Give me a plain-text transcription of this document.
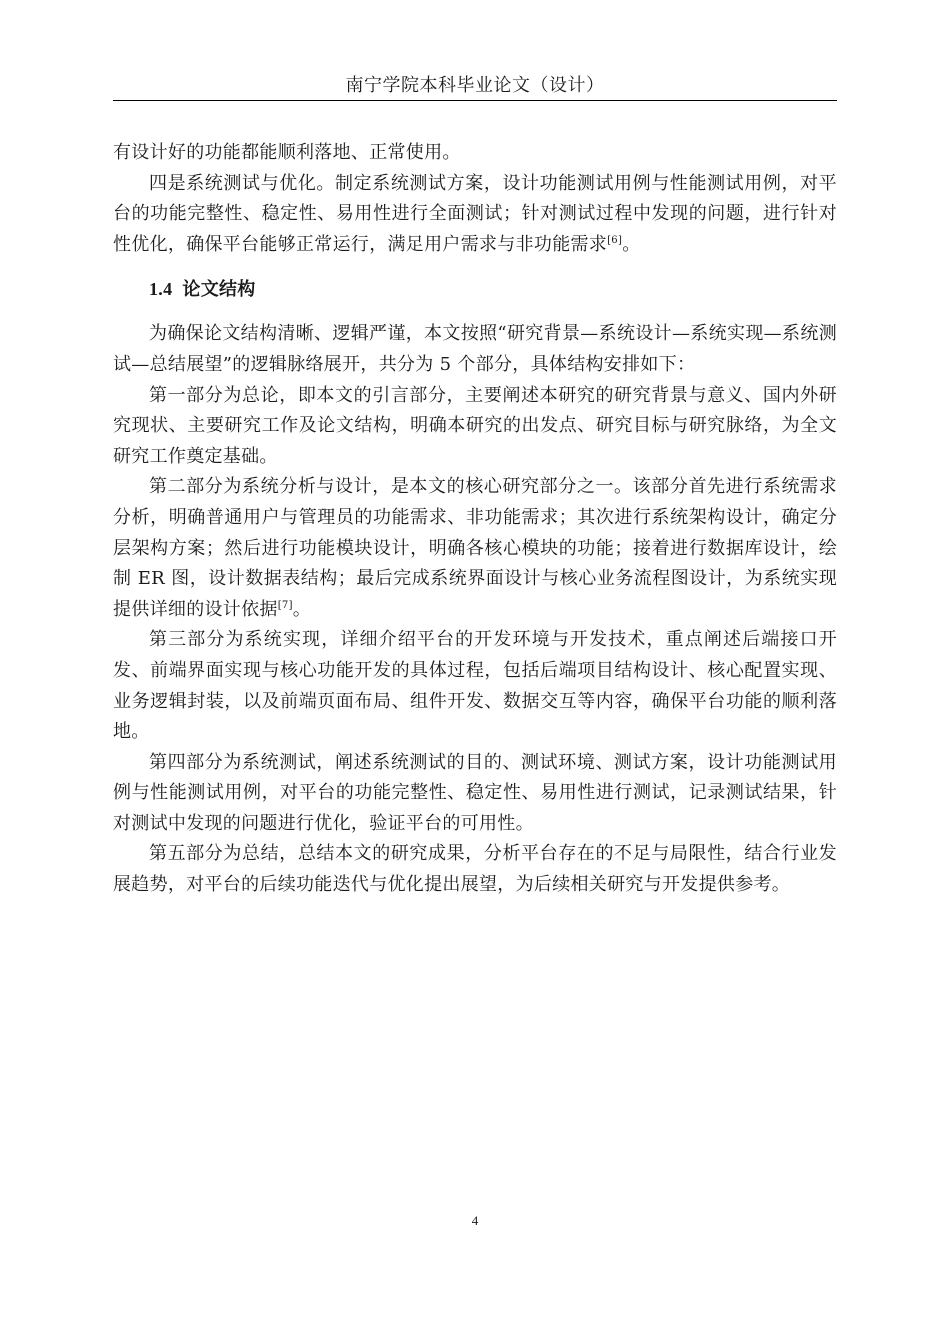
南宁学院本科毕业论文（设计）

有设计好的功能都能顺利落地、正常使用。

四是系统测试与优化。制定系统测试方案，设计功能测试用例与性能测试用例，对平台的功能完整性、稳定性、易用性进行全面测试；针对测试过程中发现的问题，进行针对性优化，确保平台能够正常运行，满足用户需求与非功能需求[6]。

1.4 论文结构

为确保论文结构清晰、逻辑严谨，本文按照“研究背景—系统设计—系统实现—系统测试—总结展望”的逻辑脉络展开，共分为 5 个部分，具体结构安排如下：

第一部分为总论，即本文的引言部分，主要阐述本研究的研究背景与意义、国内外研究现状、主要研究工作及论文结构，明确本研究的出发点、研究目标与研究脉络，为全文研究工作奠定基础。

第二部分为系统分析与设计，是本文的核心研究部分之一。该部分首先进行系统需求分析，明确普通用户与管理员的功能需求、非功能需求；其次进行系统架构设计，确定分层架构方案；然后进行功能模块设计，明确各核心模块的功能；接着进行数据库设计，绘制 ER 图，设计数据表结构；最后完成系统界面设计与核心业务流程图设计，为系统实现提供详细的设计依据[7]。

第三部分为系统实现，详细介绍平台的开发环境与开发技术，重点阐述后端接口开发、前端界面实现与核心功能开发的具体过程，包括后端项目结构设计、核心配置实现、业务逻辑封装，以及前端页面布局、组件开发、数据交互等内容，确保平台功能的顺利落地。

第四部分为系统测试，阐述系统测试的目的、测试环境、测试方案，设计功能测试用例与性能测试用例，对平台的功能完整性、稳定性、易用性进行测试，记录测试结果，针对测试中发现的问题进行优化，验证平台的可用性。

第五部分为总结，总结本文的研究成果，分析平台存在的不足与局限性，结合行业发展趋势，对平台的后续功能迭代与优化提出展望，为后续相关研究与开发提供参考。

4
